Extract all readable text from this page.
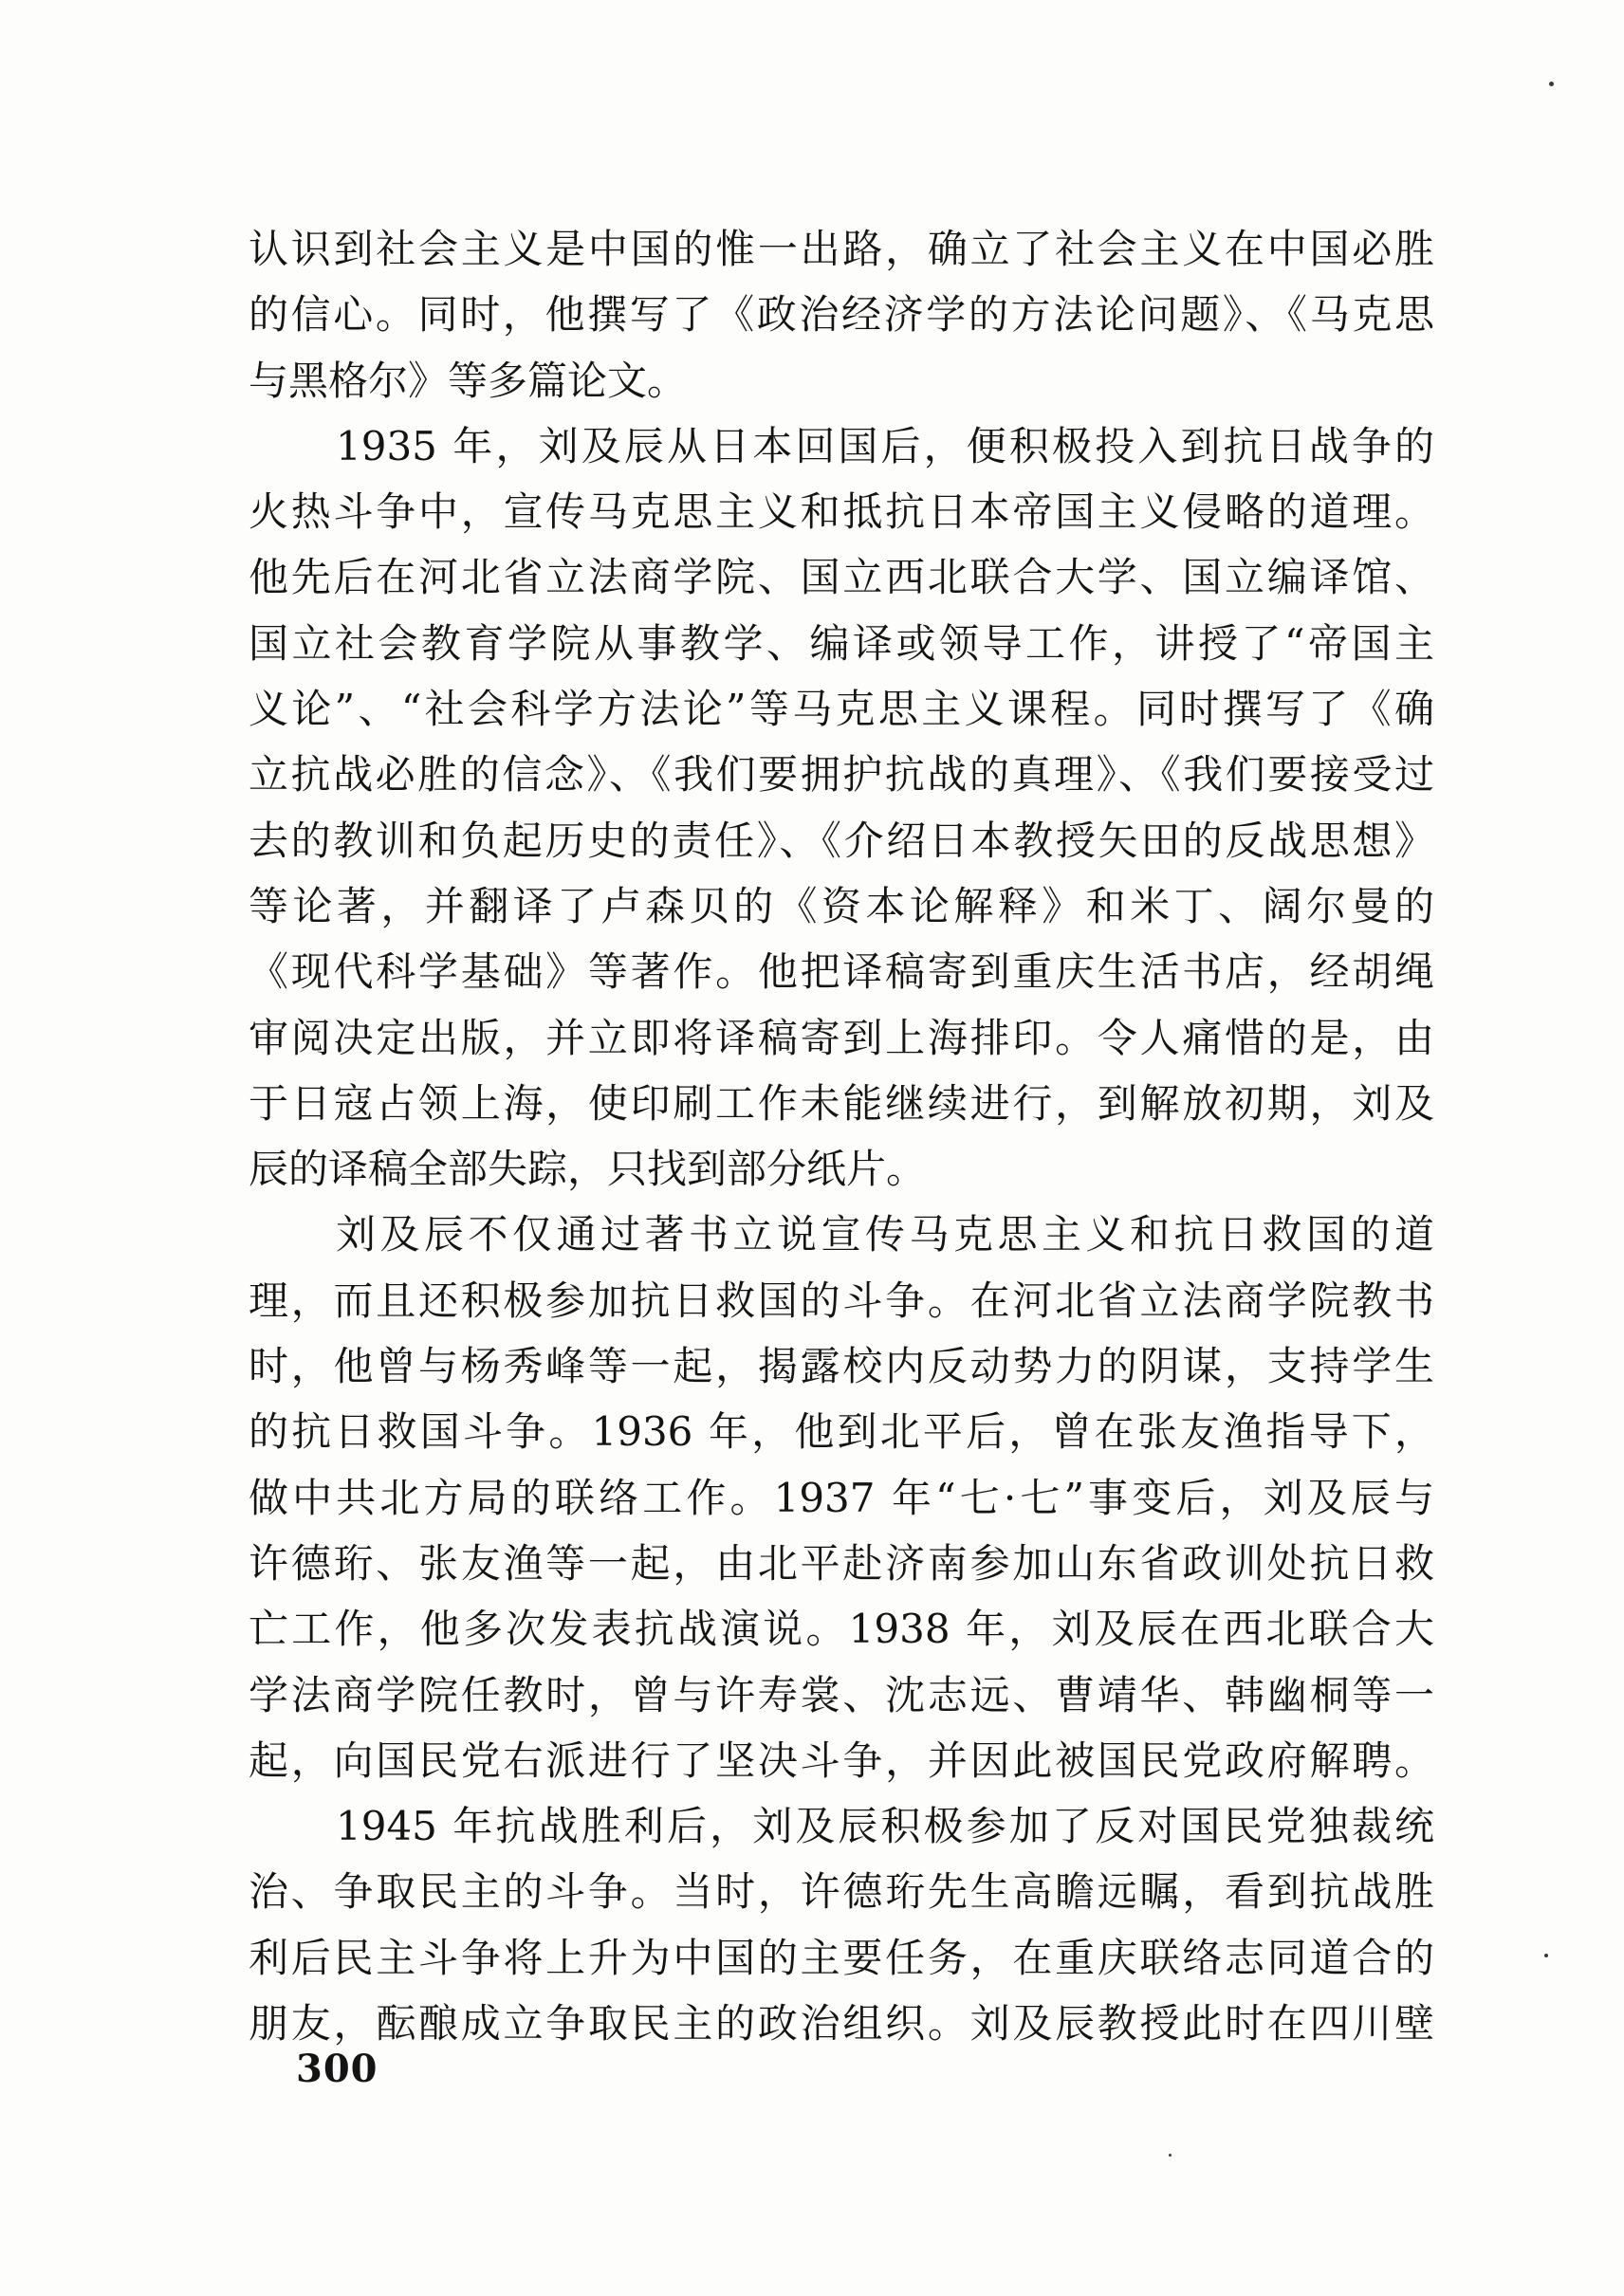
认识到社会主义是中国的惟一出路，确立了社会主义在中国必胜
的信心。同时，他撰写了《政治经济学的方法论问题》、《马克思
与黑格尔》等多篇论文。
1935 年，刘及辰从日本回国后，便积极投入到抗日战争的
火热斗争中，宣传马克思主义和抵抗日本帝国主义侵略的道理。
他先后在河北省立法商学院、国立西北联合大学、国立编译馆、
国立社会教育学院从事教学、编译或领导工作，讲授了“帝国主
义论”、“社会科学方法论”等马克思主义课程。同时撰写了《确
立抗战必胜的信念》、《我们要拥护抗战的真理》、《我们要接受过
去的教训和负起历史的责任》、《介绍日本教授矢田的反战思想》
等论著，并翻译了卢森贝的《资本论解释》和米丁、阔尔曼的
《现代科学基础》等著作。他把译稿寄到重庆生活书店，经胡绳
审阅决定出版，并立即将译稿寄到上海排印。令人痛惜的是，由
于日寇占领上海，使印刷工作未能继续进行，到解放初期，刘及
辰的译稿全部失踪，只找到部分纸片。
刘及辰不仅通过著书立说宣传马克思主义和抗日救国的道
理，而且还积极参加抗日救国的斗争。在河北省立法商学院教书
时，他曾与杨秀峰等一起，揭露校内反动势力的阴谋，支持学生
的抗日救国斗争。1936 年，他到北平后，曾在张友渔指导下，
做中共北方局的联络工作。1937 年“七·七”事变后，刘及辰与
许德珩、张友渔等一起，由北平赴济南参加山东省政训处抗日救
亡工作，他多次发表抗战演说。1938 年，刘及辰在西北联合大
学法商学院任教时，曾与许寿裳、沈志远、曹靖华、韩幽桐等一
起，向国民党右派进行了坚决斗争，并因此被国民党政府解聘。
1945 年抗战胜利后，刘及辰积极参加了反对国民党独裁统
治、争取民主的斗争。当时，许德珩先生高瞻远瞩，看到抗战胜
利后民主斗争将上升为中国的主要任务，在重庆联络志同道合的
朋友，酝酿成立争取民主的政治组织。刘及辰教授此时在四川壁
300
